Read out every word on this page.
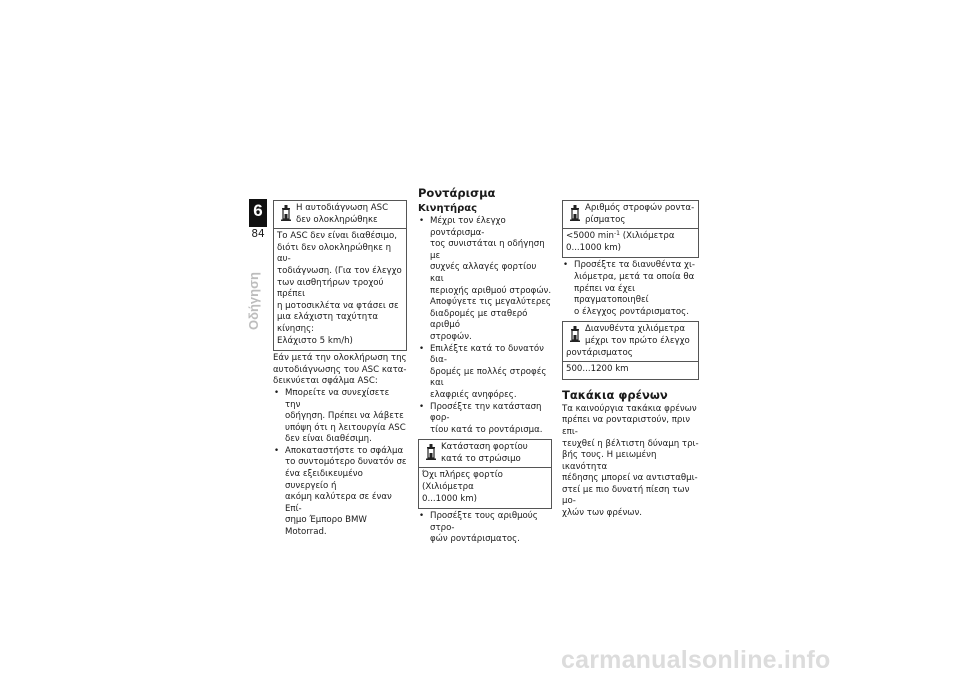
6
84
Οδήγηση

Η αυτοδιάγνωση ASC

δεν ολοκληρώθηκε

Το ASC δεν είναι διαθέσιμο,

διότι δεν ολοκληρώθηκε η αυ-

τοδιάγνωση. (Για τον έλεγχο

των αισθητήρων τροχού πρέπει

η μοτοσικλέτα να φτάσει σε

μια ελάχιστη ταχύτητα κίνησης:

Ελάχιστο 5 km/h)

Εάν μετά την ολοκλήρωση της

αυτοδιάγνωσης του ASC κατα-

δεικνύεται σφάλμα ASC:

• Μπορείτε να συνεχίσετε την

οδήγηση. Πρέπει να λάβετε

υπόψη ότι η λειτουργία ASC

δεν είναι διαθέσιμη.

• Αποκαταστήστε το σφάλμα

το συντομότερο δυνατόν σε

ένα εξειδικευμένο συνεργείο ή

ακόμη καλύτερα σε έναν Επί-

σημο Έμπορο BMW Motorrad.

Ροντάρισμα
Κινητήρας

• Μέχρι τον έλεγχο ροντάρισμα-

τος συνιστάται η οδήγηση με

συχνές αλλαγές φορτίου και

περιοχής αριθμού στροφών.

Αποφύγετε τις μεγαλύτερες

διαδρομές με σταθερό αριθμό

στροφών.

• Επιλέξτε κατά το δυνατόν δια-

δρομές με πολλές στροφές και

ελαφριές ανηφόρες.

• Προσέξτε την κατάσταση φορ-

τίου κατά το ροντάρισμα.

Κατάσταση φορτίου

κατά το στρώσιμο

Όχι πλήρες φορτίο (Χιλιόμετρα

0...1000 km)

• Προσέξτε τους αριθμούς στρο-

φών ροντάρισματος.

Αριθμός στροφών ροντα-

ρίσματος

<5000 $\min^{-1} (X\iota\lambda\iota ό\mu\varepsilon\tau\rho\alpha$

0...1000 km)

• Προσέξτε τα διανυθέντα χι-

λιόμετρα, μετά τα οποία θα

πρέπει να έχει πραγματοποιηθεί

ο έλεγχος ροντάρισματος.

Διανυθέντα χιλιόμετρα

μέχρι τον πρώτο έλεγχο

ροντάρισματος

500...1200 km

Τακάκια φρένων

Τα καινούργια τακάκια φρένων

πρέπει να ρονταριστούν, πριν επι-

τευχθεί η βέλτιστη δύναμη τρι-

βής τους. Η μειωμένη ικανότητα

πέδησης μπορεί να αντισταθμι-

στεί με πιο δυνατή πίεση των μο-

χλών των φρένων.

carmanualsonline.info
